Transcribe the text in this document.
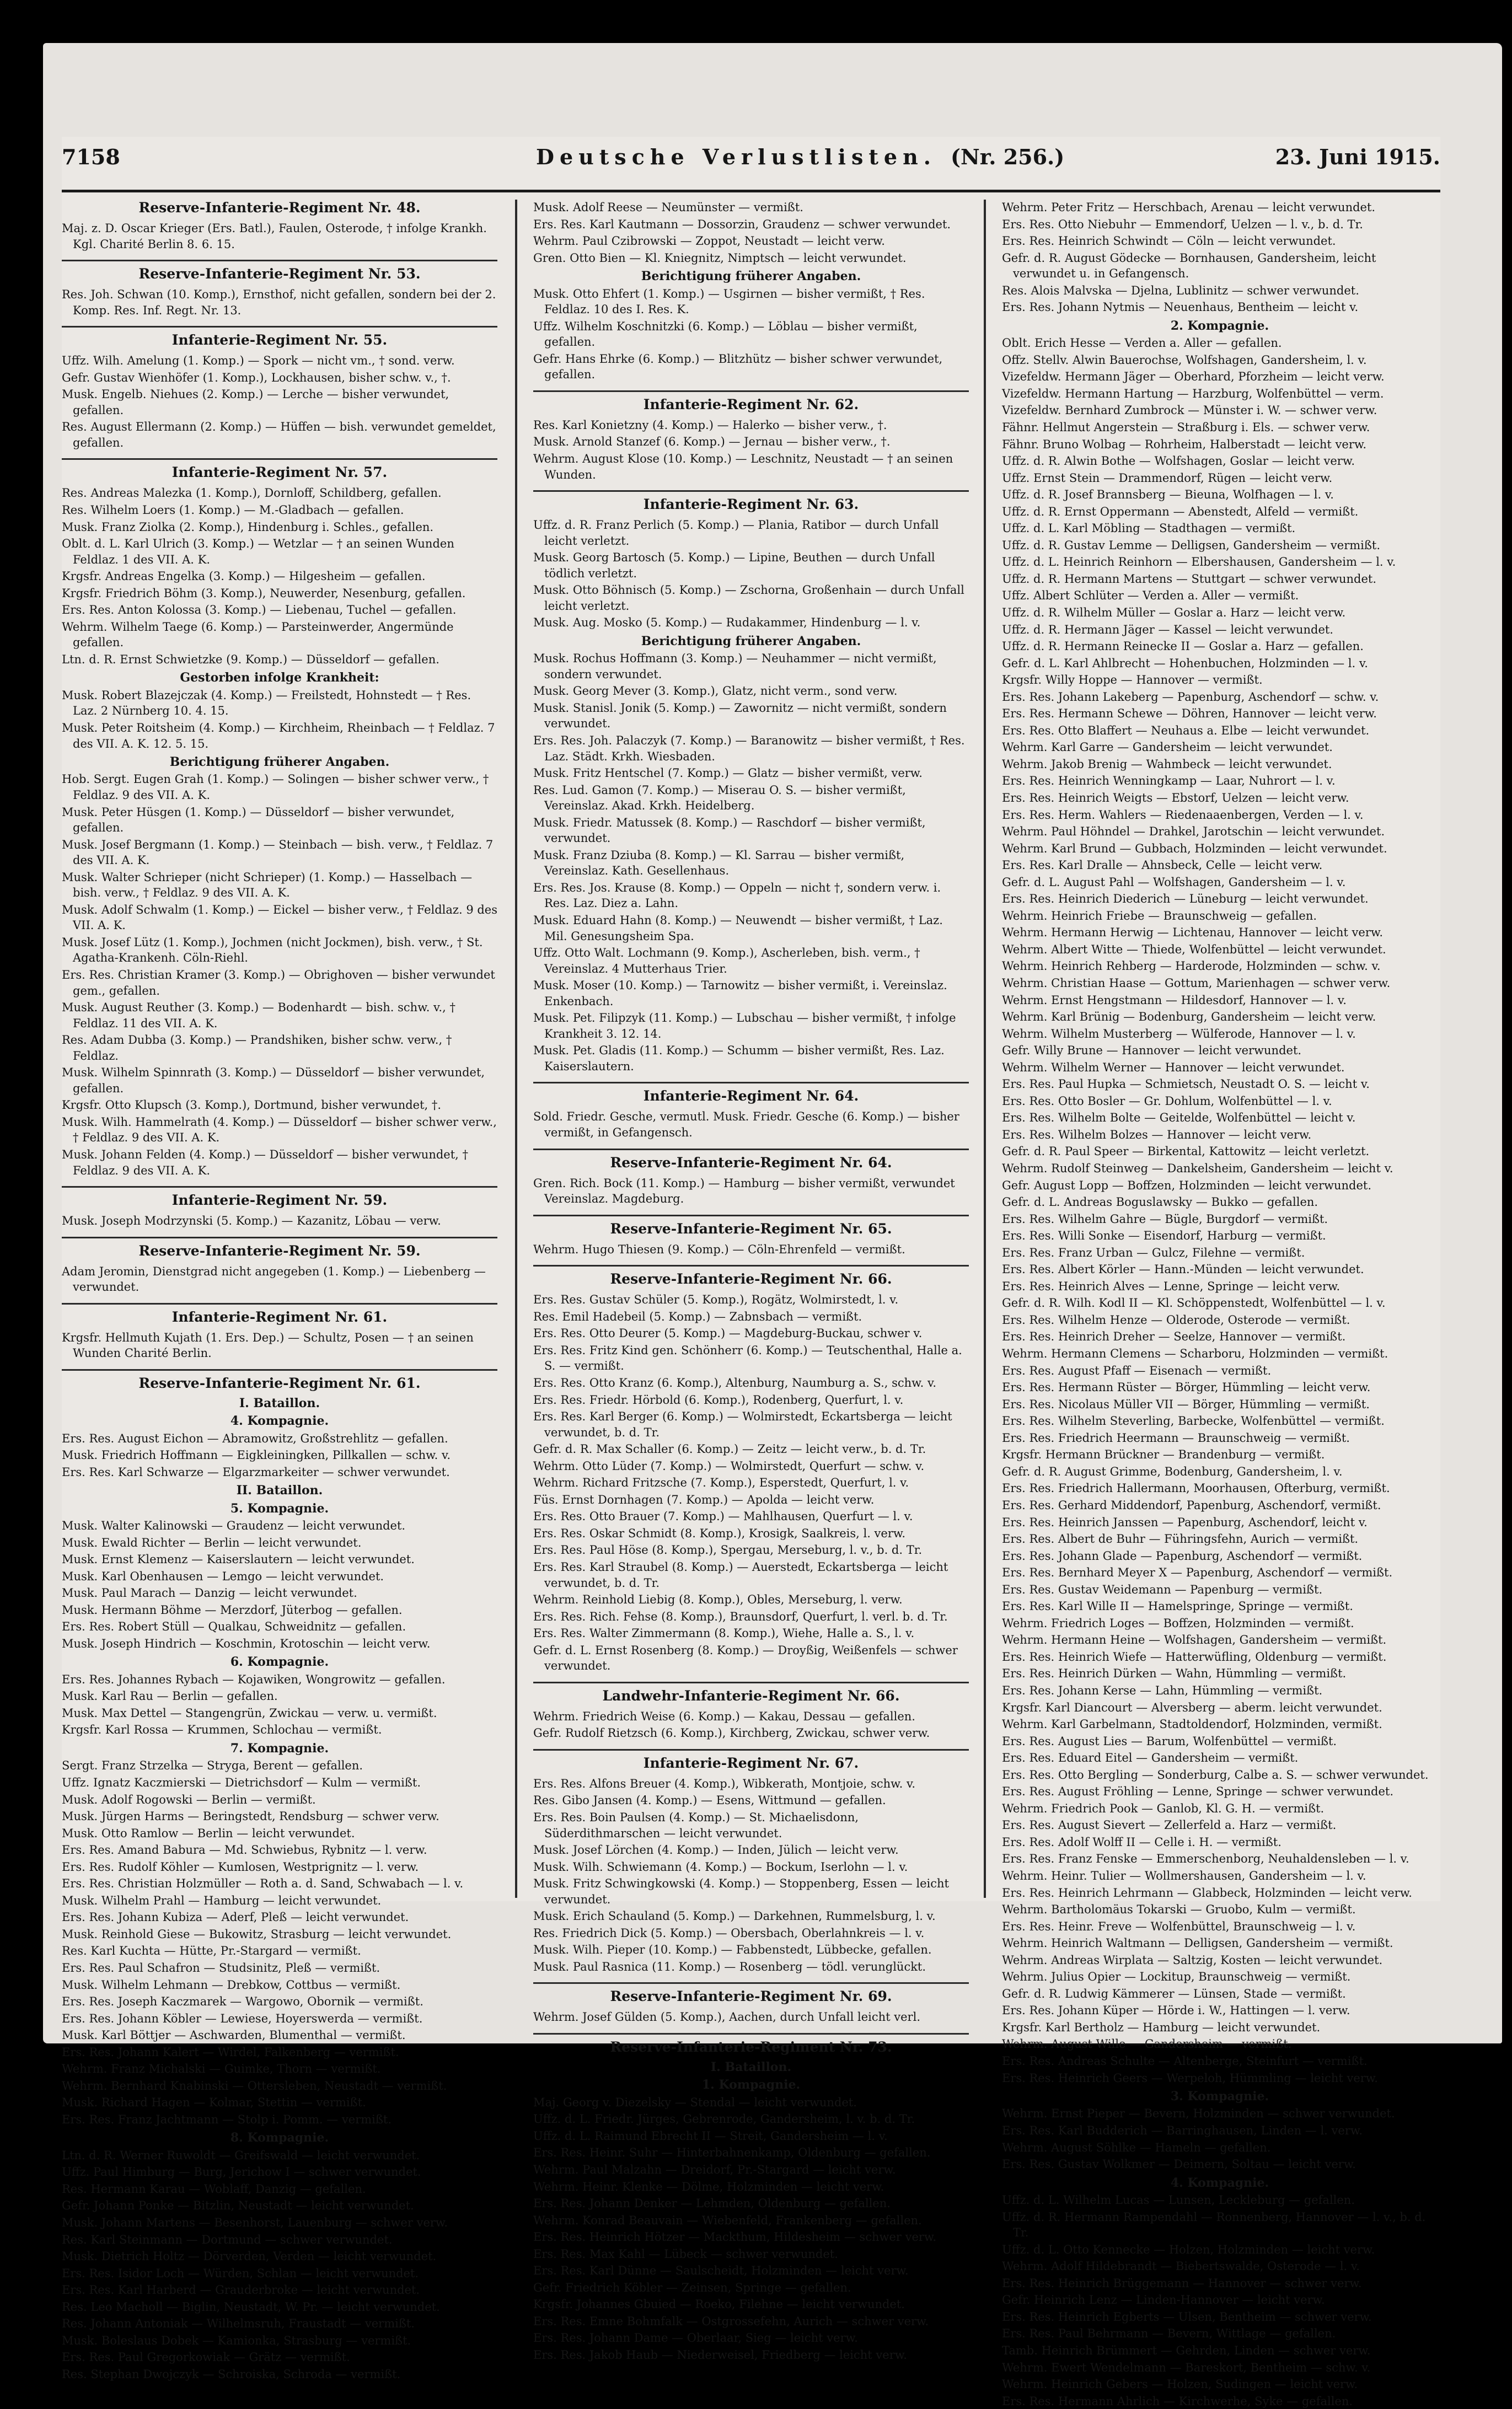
7158	Deutsche Verlustlisten. (Nr. 256.)	23. Juni 1915.
Reserve-Infanterie-Regiment Nr. 48.
Maj. z. D. Oscar Krieger (Ers. Batl.), Faulen, Osterode, † infolge Krankh. Kgl. Charité Berlin 8. 6. 15.
Reserve-Infanterie-Regiment Nr. 53.
Res. Joh. Schwan (10. Komp.), Ernsthof, nicht gefallen, sondern bei der 2. Komp. Res. Inf. Regt. Nr. 13.
Infanterie-Regiment Nr. 55.
Uffz. Wilh. Amelung (1. Komp.) — Spork — nicht vm., † sond. verw.
Gefr. Gustav Wienhöfer (1. Komp.), Lockhausen, bisher schw. v., †.
Musk. Engelb. Niehues (2. Komp.) — Lerche — bisher verwundet, gefallen.
Res. August Ellermann (2. Komp.) — Hüffen — bish. verwundet gemeldet, gefallen.
Infanterie-Regiment Nr. 57.
Res. Andreas Malezka (1. Komp.), Dornloff, Schildberg, gefallen.
Res. Wilhelm Loers (1. Komp.) — M.-Gladbach — gefallen.
Musk. Franz Ziolka (2. Komp.), Hindenburg i. Schles., gefallen.
Oblt. d. L. Karl Ulrich (3. Komp.) — Wetzlar — † an seinen Wunden Feldlaz. 1 des VII. A. K.
Krgsfr. Andreas Engelka (3. Komp.) — Hilgesheim — gefallen.
Krgsfr. Friedrich Böhm (3. Komp.), Neuwerder, Nesenburg, gefallen.
Ers. Res. Anton Kolossa (3. Komp.) — Liebenau, Tuchel — gefallen.
Wehrm. Wilhelm Taege (6. Komp.) — Parsteinwerder, Angermünde gefallen.
Ltn. d. R. Ernst Schwietzke (9. Komp.) — Düsseldorf — gefallen.
Gestorben infolge Krankheit:
Musk. Robert Blazejczak (4. Komp.) — Freilstedt, Hohnstedt — † Res. Laz. 2 Nürnberg 10. 4. 15.
Musk. Peter Roitsheim (4. Komp.) — Kirchheim, Rheinbach — † Feldlaz. 7 des VII. A. K. 12. 5. 15.
Berichtigung früherer Angaben.
Hob. Sergt. Eugen Grah (1. Komp.) — Solingen — bisher schwer verw., † Feldlaz. 9 des VII. A. K.
Musk. Peter Hüsgen (1. Komp.) — Düsseldorf — bisher verwundet, gefallen.
Musk. Josef Bergmann (1. Komp.) — Steinbach — bish. verw., † Feldlaz. 7 des VII. A. K.
Musk. Walter Schrieper (nicht Schrieper) (1. Komp.) — Hasselbach — bish. verw., † Feldlaz. 9 des VII. A. K.
Musk. Adolf Schwalm (1. Komp.) — Eickel — bisher verw., † Feldlaz. 9 des VII. A. K.
Musk. Josef Lütz (1. Komp.), Jochmen (nicht Jockmen), bish. verw., † St. Agatha-Krankenh. Cöln-Riehl.
Ers. Res. Christian Kramer (3. Komp.) — Obrighoven — bisher verwundet gem., gefallen.
Musk. August Reuther (3. Komp.) — Bodenhardt — bish. schw. v., † Feldlaz. 11 des VII. A. K.
Res. Adam Dubba (3. Komp.) — Prandshiken, bisher schw. verw., † Feldlaz.
Musk. Wilhelm Spinnrath (3. Komp.) — Düsseldorf — bisher verwundet, gefallen.
Krgsfr. Otto Klupsch (3. Komp.), Dortmund, bisher verwundet, †.
Musk. Wilh. Hammelrath (4. Komp.) — Düsseldorf — bisher schwer verw., † Feldlaz. 9 des VII. A. K.
Musk. Johann Felden (4. Komp.) — Düsseldorf — bisher verwundet, † Feldlaz. 9 des VII. A. K.
Infanterie-Regiment Nr. 59.
Musk. Joseph Modrzynski (5. Komp.) — Kazanitz, Löbau — verw.
Reserve-Infanterie-Regiment Nr. 59.
Adam Jeromin, Dienstgrad nicht angegeben (1. Komp.) — Liebenberg — verwundet.
Infanterie-Regiment Nr. 61.
Krgsfr. Hellmuth Kujath (1. Ers. Dep.) — Schultz, Posen — † an seinen Wunden Charité Berlin.
Reserve-Infanterie-Regiment Nr. 61.
I. Bataillon.
4. Kompagnie.
Ers. Res. August Eichon — Abramowitz, Großstrehlitz — gefallen.
Musk. Friedrich Hoffmann — Eigkleiningken, Pillkallen — schw. v.
Ers. Res. Karl Schwarze — Elgarzmarkeiter — schwer verwundet.
II. Bataillon.
5. Kompagnie.
Musk. Walter Kalinowski — Graudenz — leicht verwundet.
Musk. Ewald Richter — Berlin — leicht verwundet.
Musk. Ernst Klemenz — Kaiserslautern — leicht verwundet.
Musk. Karl Obenhausen — Lemgo — leicht verwundet.
Musk. Paul Marach — Danzig — leicht verwundet.
Musk. Hermann Böhme — Merzdorf, Jüterbog — gefallen.
Ers. Res. Robert Stüll — Qualkau, Schweidnitz — gefallen.
Musk. Joseph Hindrich — Koschmin, Krotoschin — leicht verw.
6. Kompagnie.
Ers. Res. Johannes Rybach — Kojawiken, Wongrowitz — gefallen.
Musk. Karl Rau — Berlin — gefallen.
Musk. Max Dettel — Stangengrün, Zwickau — verw. u. vermißt.
Krgsfr. Karl Rossa — Krummen, Schlochau — vermißt.
7. Kompagnie.
Sergt. Franz Strzelka — Stryga, Berent — gefallen.
Uffz. Ignatz Kaczmierski — Dietrichsdorf — Kulm — vermißt.
Musk. Adolf Rogowski — Berlin — vermißt.
Musk. Jürgen Harms — Beringstedt, Rendsburg — schwer verw.
Musk. Otto Ramlow — Berlin — leicht verwundet.
Ers. Res. Amand Babura — Md. Schwiebus, Rybnitz — l. verw.
Ers. Res. Rudolf Köhler — Kumlosen, Westprignitz — l. verw.
Ers. Res. Christian Holzmüller — Roth a. d. Sand, Schwabach — l. v.
Musk. Wilhelm Prahl — Hamburg — leicht verwundet.
Ers. Res. Johann Kubiza — Aderf, Pleß — leicht verwundet.
Musk. Reinhold Giese — Bukowitz, Strasburg — leicht verwundet.
Res. Karl Kuchta — Hütte, Pr.-Stargard — vermißt.
Ers. Res. Paul Schafron — Studsinitz, Pleß — vermißt.
Musk. Wilhelm Lehmann — Drebkow, Cottbus — vermißt.
Ers. Res. Joseph Kaczmarek — Wargowo, Obornik — vermißt.
Ers. Res. Johann Köbler — Lewiese, Hoyerswerda — vermißt.
Musk. Karl Böttjer — Aschwarden, Blumenthal — vermißt.
Ers. Res. Johann Kalert — Wirdel, Falkenberg — vermißt.
Wehrm. Franz Michalski — Guimke, Thorn — vermißt.
Wehrm. Bernhard Knabinski — Ottersleben, Neustadt — vermißt.
Musk. Richard Hagen — Kolmar, Stettin — vermißt.
Ers. Res. Franz Jachtmann — Stolp i. Pomm. — vermißt.
8. Kompagnie.
Ltn. d. R. Werner Ruwoldt — Greifswald — leicht verwundet.
Uffz. Paul Himburg — Burg, Jerichow I — schwer verwundet.
Res. Hermann Karau — Woblaff, Danzig — gefallen.
Gefr. Johann Ponke — Bitzlin, Neustadt — leicht verwundet.
Musk. Johann Martens — Besenhorst, Lauenburg — schwer verw.
Res. Karl Steinmann — Dortmund — schwer verwundet.
Musk. Dietrich Holtz — Dörverden, Verden — leicht verwundet.
Ers. Res. Isidor Loch — Würden, Schlan — leicht verwundet.
Ers. Res. Karl Harberd — Grauderbroke — leicht verwundet.
Res. Leo Macholl — Biglin, Neustadt, W. Pr. — leicht verwundet.
Res. Johann Antoniak — Wilhelmsruh, Fraustadt — vermißt.
Musk. Boleslaus Dobek — Kamionka, Strasburg — vermißt.
Ers. Res. Paul Gregorkowiak — Grätz — vermißt.
Res. Stephan Dwojczyk — Schroiska, Schroda — vermißt.
Musk. Adolf Reese — Neumünster — vermißt.
Ers. Res. Karl Kautmann — Dossorzin, Graudenz — schwer verwundet.
Wehrm. Paul Czibrowski — Zoppot, Neustadt — leicht verw.
Gren. Otto Bien — Kl. Kniegnitz, Nimptsch — leicht verwundet.
Berichtigung früherer Angaben.
Musk. Otto Ehfert (1. Komp.) — Usgirnen — bisher vermißt, † Res. Feldlaz. 10 des I. Res. K.
Uffz. Wilhelm Koschnitzki (6. Komp.) — Löblau — bisher vermißt, gefallen.
Gefr. Hans Ehrke (6. Komp.) — Blitzhütz — bisher schwer verwundet, gefallen.
Infanterie-Regiment Nr. 62.
Res. Karl Konietzny (4. Komp.) — Halerko — bisher verw., †.
Musk. Arnold Stanzef (6. Komp.) — Jernau — bisher verw., †.
Wehrm. August Klose (10. Komp.) — Leschnitz, Neustadt — † an seinen Wunden.
Infanterie-Regiment Nr. 63.
Uffz. d. R. Franz Perlich (5. Komp.) — Plania, Ratibor — durch Unfall leicht verletzt.
Musk. Georg Bartosch (5. Komp.) — Lipine, Beuthen — durch Unfall tödlich verletzt.
Musk. Otto Böhnisch (5. Komp.) — Zschorna, Großenhain — durch Unfall leicht verletzt.
Musk. Aug. Mosko (5. Komp.) — Rudakammer, Hindenburg — l. v.
Berichtigung früherer Angaben.
Musk. Rochus Hoffmann (3. Komp.) — Neuhammer — nicht vermißt, sondern verwundet.
Musk. Georg Mever (3. Komp.), Glatz, nicht verm., sond verw.
Musk. Stanisl. Jonik (5. Komp.) — Zawornitz — nicht vermißt, sondern verwundet.
Ers. Res. Joh. Palaczyk (7. Komp.) — Baranowitz — bisher vermißt, † Res. Laz. Städt. Krkh. Wiesbaden.
Musk. Fritz Hentschel (7. Komp.) — Glatz — bisher vermißt, verw.
Res. Lud. Gamon (7. Komp.) — Miserau O. S. — bisher vermißt, Vereinslaz. Akad. Krkh. Heidelberg.
Musk. Friedr. Matussek (8. Komp.) — Raschdorf — bisher vermißt, verwundet.
Musk. Franz Dziuba (8. Komp.) — Kl. Sarrau — bisher vermißt, Vereinslaz. Kath. Gesellenhaus.
Ers. Res. Jos. Krause (8. Komp.) — Oppeln — nicht †, sondern verw. i. Res. Laz. Diez a. Lahn.
Musk. Eduard Hahn (8. Komp.) — Neuwendt — bisher vermißt, † Laz. Mil. Genesungsheim Spa.
Uffz. Otto Walt. Lochmann (9. Komp.), Ascherleben, bish. verm., † Vereinslaz. 4 Mutterhaus Trier.
Musk. Moser (10. Komp.) — Tarnowitz — bisher vermißt, i. Vereinslaz. Enkenbach.
Musk. Pet. Filipzyk (11. Komp.) — Lubschau — bisher vermißt, † infolge Krankheit 3. 12. 14.
Musk. Pet. Gladis (11. Komp.) — Schumm — bisher vermißt, Res. Laz. Kaiserslautern.
Infanterie-Regiment Nr. 64.
Sold. Friedr. Gesche, vermutl. Musk. Friedr. Gesche (6. Komp.) — bisher vermißt, in Gefangensch.
Reserve-Infanterie-Regiment Nr. 64.
Gren. Rich. Bock (11. Komp.) — Hamburg — bisher vermißt, verwundet Vereinslaz. Magdeburg.
Reserve-Infanterie-Regiment Nr. 65.
Wehrm. Hugo Thiesen (9. Komp.) — Cöln-Ehrenfeld — vermißt.
Reserve-Infanterie-Regiment Nr. 66.
Ers. Res. Gustav Schüler (5. Komp.), Rogätz, Wolmirstedt, l. v.
Res. Emil Hadebeil (5. Komp.) — Zabnsbach — vermißt.
Ers. Res. Otto Deurer (5. Komp.) — Magdeburg-Buckau, schwer v.
Ers. Res. Fritz Kind gen. Schönherr (6. Komp.) — Teutschenthal, Halle a. S. — vermißt.
Ers. Res. Otto Kranz (6. Komp.), Altenburg, Naumburg a. S., schw. v.
Ers. Res. Friedr. Hörbold (6. Komp.), Rodenberg, Querfurt, l. v.
Ers. Res. Karl Berger (6. Komp.) — Wolmirstedt, Eckartsberga — leicht verwundet, b. d. Tr.
Gefr. d. R. Max Schaller (6. Komp.) — Zeitz — leicht verw., b. d. Tr.
Wehrm. Otto Lüder (7. Komp.) — Wolmirstedt, Querfurt — schw. v.
Wehrm. Richard Fritzsche (7. Komp.), Esperstedt, Querfurt, l. v.
Füs. Ernst Dornhagen (7. Komp.) — Apolda — leicht verw.
Ers. Res. Otto Brauer (7. Komp.) — Mahlhausen, Querfurt — l. v.
Ers. Res. Oskar Schmidt (8. Komp.), Krosigk, Saalkreis, l. verw.
Ers. Res. Paul Höse (8. Komp.), Spergau, Merseburg, l. v., b. d. Tr.
Ers. Res. Karl Straubel (8. Komp.) — Auerstedt, Eckartsberga — leicht verwundet, b. d. Tr.
Wehrm. Reinhold Liebig (8. Komp.), Obles, Merseburg, l. verw.
Ers. Res. Rich. Fehse (8. Komp.), Braunsdorf, Querfurt, l. verl. b. d. Tr.
Ers. Res. Walter Zimmermann (8. Komp.), Wiehe, Halle a. S., l. v.
Gefr. d. L. Ernst Rosenberg (8. Komp.) — Droyßig, Weißenfels — schwer verwundet.
Landwehr-Infanterie-Regiment Nr. 66.
Wehrm. Friedrich Weise (6. Komp.) — Kakau, Dessau — gefallen.
Gefr. Rudolf Rietzsch (6. Komp.), Kirchberg, Zwickau, schwer verw.
Infanterie-Regiment Nr. 67.
Ers. Res. Alfons Breuer (4. Komp.), Wibkerath, Montjoie, schw. v.
Res. Gibo Jansen (4. Komp.) — Esens, Wittmund — gefallen.
Ers. Res. Boin Paulsen (4. Komp.) — St. Michaelisdonn, Süderdithmarschen — leicht verwundet.
Musk. Josef Lörchen (4. Komp.) — Inden, Jülich — leicht verw.
Musk. Wilh. Schwiemann (4. Komp.) — Bockum, Iserlohn — l. v.
Musk. Fritz Schwingkowski (4. Komp.) — Stoppenberg, Essen — leicht verwundet.
Musk. Erich Schauland (5. Komp.) — Darkehnen, Rummelsburg, l. v.
Res. Friedrich Dick (5. Komp.) — Obersbach, Oberlahnkreis — l. v.
Musk. Wilh. Pieper (10. Komp.) — Fabbenstedt, Lübbecke, gefallen.
Musk. Paul Rasnica (11. Komp.) — Rosenberg — tödl. verunglückt.
Reserve-Infanterie-Regiment Nr. 69.
Wehrm. Josef Gülden (5. Komp.), Aachen, durch Unfall leicht verl.
Reserve-Infanterie-Regiment Nr. 73.
I. Bataillon.
1. Kompagnie.
Maj. Georg v. Diezelsky — Stendal — leicht verwundet.
Uffz. d. L. Friedr. Jürges, Gebrenrode, Gandersheim, l. v. b. d. Tr.
Uffz. d. L. Raimund Ebrecht II — Streit, Gandersheim — l. v.
Ers. Res. Heinr. Suhr — Hinterbahnenkamp, Oldenburg — gefallen.
Wehrm. Paul Malzahn — Dreidorf, Pr.-Stargard — leicht verw.
Wehrm. Heinr. Klenke — Dölme, Holzminden — leicht verw.
Ers. Res. Johann Denker — Lehmden, Oldenburg — gefallen.
Wehrm. Konrad Beauvain — Wiebenfeld, Frankenberg — gefallen.
Ers. Res. Heinrich Hötzer — Mackthum, Hildesheim — schwer verw.
Ers. Res. Max Kahl — Lübeck — schwer verwundet.
Ers. Res. Karl Dünne — Saulscheidt, Holzminden — leicht verw.
Gefr. Friedrich Köbler — Zeinsen, Springe — gefallen.
Krgsfr. Johannes Gbuied — Roeko, Filehne — leicht verwundet.
Ers. Res. Emne Bohmfalk — Ostgrossefehn, Aurich — schwer verw.
Ers. Res. Johann Dame — Oberlaar, Sieg — leicht verw.
Ers. Res. Jakob Haub — Niederweisel, Friedberg — leicht verw.
Wehrm. Peter Fritz — Herschbach, Arenau — leicht verwundet.
Ers. Res. Otto Niebuhr — Emmendorf, Uelzen — l. v., b. d. Tr.
Ers. Res. Heinrich Schwindt — Cöln — leicht verwundet.
Gefr. d. R. August Gödecke — Bornhausen, Gandersheim, leicht verwundet u. in Gefangensch.
Res. Alois Malvska — Djelna, Lublinitz — schwer verwundet.
Ers. Res. Johann Nytmis — Neuenhaus, Bentheim — leicht v.
2. Kompagnie.
Oblt. Erich Hesse — Verden a. Aller — gefallen.
Offz. Stellv. Alwin Bauerochse, Wolfshagen, Gandersheim, l. v.
Vizefeldw. Hermann Jäger — Oberhard, Pforzheim — leicht verw.
Vizefeldw. Hermann Hartung — Harzburg, Wolfenbüttel — verm.
Vizefeldw. Bernhard Zumbrock — Münster i. W. — schwer verw.
Fähnr. Hellmut Angerstein — Straßburg i. Els. — schwer verw.
Fähnr. Bruno Wolbag — Rohrheim, Halberstadt — leicht verw.
Uffz. d. R. Alwin Bothe — Wolfshagen, Goslar — leicht verw.
Uffz. Ernst Stein — Drammendorf, Rügen — leicht verw.
Uffz. d. R. Josef Brannsberg — Bieuna, Wolfhagen — l. v.
Uffz. d. R. Ernst Oppermann — Abenstedt, Alfeld — vermißt.
Uffz. d. L. Karl Möbling — Stadthagen — vermißt.
Uffz. d. R. Gustav Lemme — Delligsen, Gandersheim — vermißt.
Uffz. d. L. Heinrich Reinhorn — Elbershausen, Gandersheim — l. v.
Uffz. d. R. Hermann Martens — Stuttgart — schwer verwundet.
Uffz. Albert Schlüter — Verden a. Aller — vermißt.
Uffz. d. R. Wilhelm Müller — Goslar a. Harz — leicht verw.
Uffz. d. R. Hermann Jäger — Kassel — leicht verwundet.
Uffz. d. R. Hermann Reinecke II — Goslar a. Harz — gefallen.
Gefr. d. L. Karl Ahlbrecht — Hohenbuchen, Holzminden — l. v.
Krgsfr. Willy Hoppe — Hannover — vermißt.
Ers. Res. Johann Lakeberg — Papenburg, Aschendorf — schw. v.
Ers. Res. Hermann Schewe — Döhren, Hannover — leicht verw.
Ers. Res. Otto Blaffert — Neuhaus a. Elbe — leicht verwundet.
Wehrm. Karl Garre — Gandersheim — leicht verwundet.
Wehrm. Jakob Brenig — Wahmbeck — leicht verwundet.
Ers. Res. Heinrich Wenningkamp — Laar, Nuhrort — l. v.
Ers. Res. Heinrich Weigts — Ebstorf, Uelzen — leicht verw.
Ers. Res. Herm. Wahlers — Riedenaaenbergen, Verden — l. v.
Wehrm. Paul Höhndel — Drahkel, Jarotschin — leicht verwundet.
Wehrm. Karl Brund — Gubbach, Holzminden — leicht verwundet.
Ers. Res. Karl Dralle — Ahnsbeck, Celle — leicht verw.
Gefr. d. L. August Pahl — Wolfshagen, Gandersheim — l. v.
Ers. Res. Heinrich Diederich — Lüneburg — leicht verwundet.
Wehrm. Heinrich Friebe — Braunschweig — gefallen.
Wehrm. Hermann Herwig — Lichtenau, Hannover — leicht verw.
Wehrm. Albert Witte — Thiede, Wolfenbüttel — leicht verwundet.
Wehrm. Heinrich Rehberg — Harderode, Holzminden — schw. v.
Wehrm. Christian Haase — Gottum, Marienhagen — schwer verw.
Wehrm. Ernst Hengstmann — Hildesdorf, Hannover — l. v.
Wehrm. Karl Brünig — Bodenburg, Gandersheim — leicht verw.
Wehrm. Wilhelm Musterberg — Wülferode, Hannover — l. v.
Gefr. Willy Brune — Hannover — leicht verwundet.
Wehrm. Wilhelm Werner — Hannover — leicht verwundet.
Ers. Res. Paul Hupka — Schmietsch, Neustadt O. S. — leicht v.
Ers. Res. Otto Bosler — Gr. Dohlum, Wolfenbüttel — l. v.
Ers. Res. Wilhelm Bolte — Geitelde, Wolfenbüttel — leicht v.
Ers. Res. Wilhelm Bolzes — Hannover — leicht verw.
Gefr. d. R. Paul Speer — Birkental, Kattowitz — leicht verletzt.
Wehrm. Rudolf Steinweg — Dankelsheim, Gandersheim — leicht v.
Gefr. August Lopp — Boffzen, Holzminden — leicht verwundet.
Gefr. d. L. Andreas Boguslawsky — Bukko — gefallen.
Ers. Res. Wilhelm Gahre — Bügle, Burgdorf — vermißt.
Ers. Res. Willi Sonke — Eisendorf, Harburg — vermißt.
Ers. Res. Franz Urban — Gulcz, Filehne — vermißt.
Ers. Res. Albert Körler — Hann.-Münden — leicht verwundet.
Ers. Res. Heinrich Alves — Lenne, Springe — leicht verw.
Gefr. d. R. Wilh. Kodl II — Kl. Schöppenstedt, Wolfenbüttel — l. v.
Ers. Res. Wilhelm Henze — Olderode, Osterode — vermißt.
Ers. Res. Heinrich Dreher — Seelze, Hannover — vermißt.
Wehrm. Hermann Clemens — Scharboru, Holzminden — vermißt.
Ers. Res. August Pfaff — Eisenach — vermißt.
Ers. Res. Hermann Rüster — Börger, Hümmling — leicht verw.
Ers. Res. Nicolaus Müller VII — Börger, Hümmling — vermißt.
Ers. Res. Wilhelm Steverling, Barbecke, Wolfenbüttel — vermißt.
Ers. Res. Friedrich Heermann — Braunschweig — vermißt.
Krgsfr. Hermann Brückner — Brandenburg — vermißt.
Gefr. d. R. August Grimme, Bodenburg, Gandersheim, l. v.
Ers. Res. Friedrich Hallermann, Moorhausen, Ofterburg, vermißt.
Ers. Res. Gerhard Middendorf, Papenburg, Aschendorf, vermißt.
Ers. Res. Heinrich Janssen — Papenburg, Aschendorf, leicht v.
Ers. Res. Albert de Buhr — Führingsfehn, Aurich — vermißt.
Ers. Res. Johann Glade — Papenburg, Aschendorf — vermißt.
Ers. Res. Bernhard Meyer X — Papenburg, Aschendorf — vermißt.
Ers. Res. Gustav Weidemann — Papenburg — vermißt.
Ers. Res. Karl Wille II — Hamelspringe, Springe — vermißt.
Wehrm. Friedrich Loges — Boffzen, Holzminden — vermißt.
Wehrm. Hermann Heine — Wolfshagen, Gandersheim — vermißt.
Ers. Res. Heinrich Wiefe — Hatterwüfling, Oldenburg — vermißt.
Ers. Res. Heinrich Dürken — Wahn, Hümmling — vermißt.
Ers. Res. Johann Kerse — Lahn, Hümmling — vermißt.
Krgsfr. Karl Diancourt — Alversberg — aberm. leicht verwundet.
Wehrm. Karl Garbelmann, Stadtoldendorf, Holzminden, vermißt.
Ers. Res. August Lies — Barum, Wolfenbüttel — vermißt.
Ers. Res. Eduard Eitel — Gandersheim — vermißt.
Ers. Res. Otto Bergling — Sonderburg, Calbe a. S. — schwer verwundet.
Ers. Res. August Fröhling — Lenne, Springe — schwer verwundet.
Wehrm. Friedrich Pook — Ganlob, Kl. G. H. — vermißt.
Ers. Res. August Sievert — Zellerfeld a. Harz — vermißt.
Ers. Res. Adolf Wolff II — Celle i. H. — vermißt.
Ers. Res. Franz Fenske — Emmerschenborg, Neuhaldensleben — l. v.
Wehrm. Heinr. Tulier — Wollmershausen, Gandersheim — l. v.
Ers. Res. Heinrich Lehrmann — Glabbeck, Holzminden — leicht verw.
Wehrm. Bartholomäus Tokarski — Gruobo, Kulm — vermißt.
Ers. Res. Heinr. Freve — Wolfenbüttel, Braunschweig — l. v.
Wehrm. Heinrich Waltmann — Delligsen, Gandersheim — vermißt.
Wehrm. Andreas Wirplata — Saltzig, Kosten — leicht verwundet.
Wehrm. Julius Opier — Lockitup, Braunschweig — vermißt.
Gefr. d. R. Ludwig Kämmerer — Lünsen, Stade — vermißt.
Ers. Res. Johann Küper — Hörde i. W., Hattingen — l. verw.
Krgsfr. Karl Bertholz — Hamburg — leicht verwundet.
Wehrm. August Wille — Gandersheim — vermißt.
Ers. Res. Andreas Schulte — Altenberge, Steinfurt — vermißt.
Ers. Res. Heinrich Geers — Werpeloh, Hümmling — leicht verw.
3. Kompagnie.
Wehrm. Ernst Pieper — Bevern, Holzminden — schwer verwundet.
Ers. Res. Karl Budderich — Barringhausen, Linden — l. verw.
Wehrm. August Söhlke — Hameln — gefallen.
Ers. Res. Gustav Wolkmer — Deimern, Soltau — leicht verw.
4. Kompagnie.
Uffz. d. L. Wilhelm Lucas — Lunsen, Leckleburg — gefallen.
Uffz. d. R. Hermann Rampendahl — Ronnenberg, Hannover — l. v., b. d. Tr.
Uffz. d. L. Otto Kennecke — Holzen, Holzminden — leicht verw.
Wehrm. Adolf Hildebrandt — Biebertswalde, Osterode — l. v.
Ers. Res. Heinrich Brüggemann — Hannover — schwer verw.
Gefr. Heinrich Lenz — Linden-Hannover — leicht verw.
Ers. Res. Heinrich Egberts — Ulsen, Bentheim — schwer verw.
Ers. Res. Paul Behrmann — Bevern, Wittlage — gefallen.
Tamb. Heinrich Brümmert — Gehrden, Linden — schwer verw.
Wehrm. Ewert Wendelmann — Bareskort, Bentheim — schw. v.
Wehrm. Heinrich Gebers — Holzen, Sudingen — leicht verw.
Ers. Res. Hermann Ahrlich — Kirchwerhe, Syke — gefallen.
